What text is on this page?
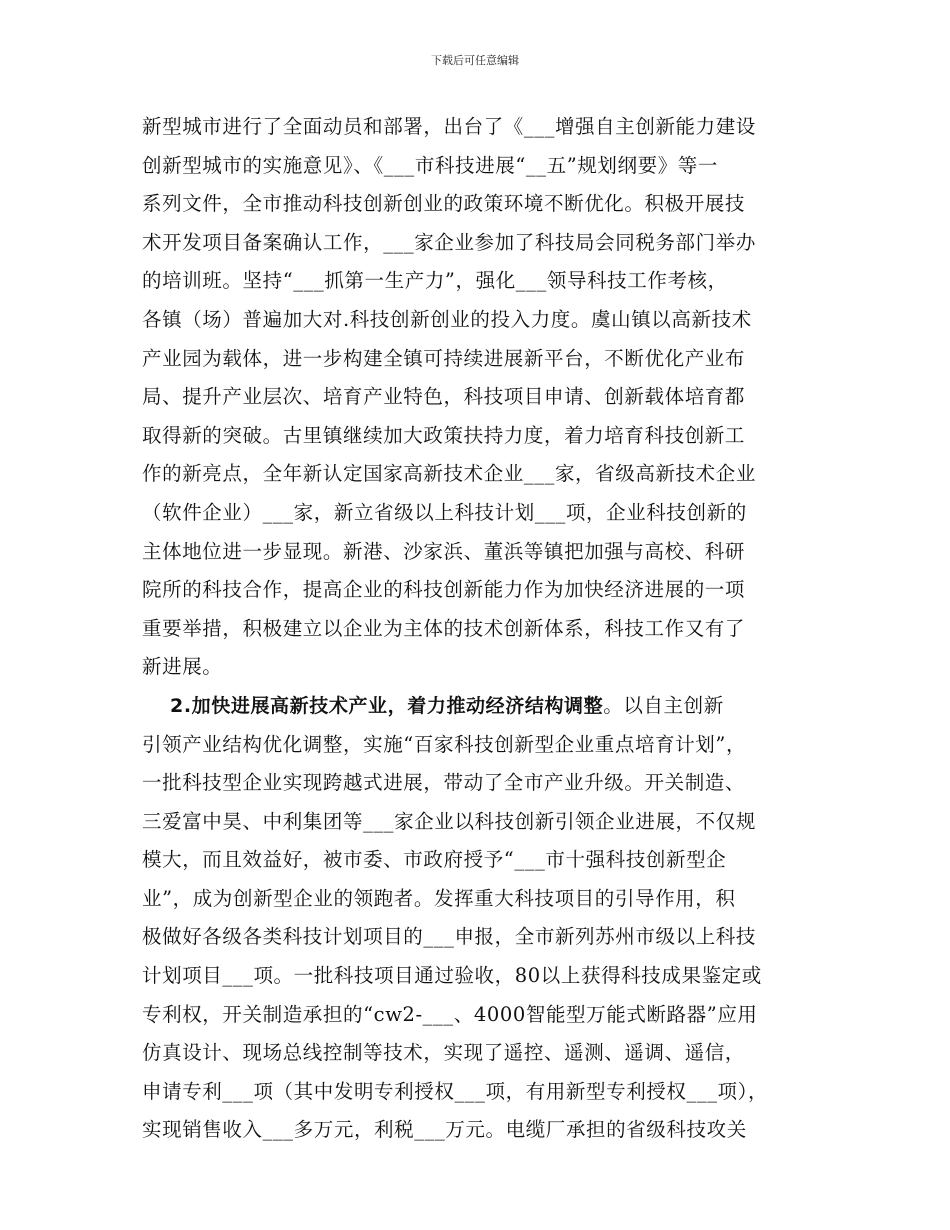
下载后可任意编辑
新型城市进行了全面动员和部署，出台了《___增强自主创新能力建设
创新型城市的实施意见》、《___市科技进展“__五”规划纲要》等一
系列文件，全市推动科技创新创业的政策环境不断优化。积极开展技
术开发项目备案确认工作，___家企业参加了科技局会同税务部门举办
的培训班。坚持“___抓第一生产力”，强化___领导科技工作考核，
各镇（场）普遍加大对.科技创新创业的投入力度。虞山镇以高新技术
产业园为载体，进一步构建全镇可持续进展新平台，不断优化产业布
局、提升产业层次、培育产业特色，科技项目申请、创新载体培育都
取得新的突破。古里镇继续加大政策扶持力度，着力培育科技创新工
作的新亮点，全年新认定国家高新技术企业___家，省级高新技术企业
（软件企业）___家，新立省级以上科技计划___项，企业科技创新的
主体地位进一步显现。新港、沙家浜、董浜等镇把加强与高校、科研
院所的科技合作，提高企业的科技创新能力作为加快经济进展的一项
重要举措，积极建立以企业为主体的技术创新体系，科技工作又有了
新进展。
2.加快进展高新技术产业，着力推动经济结构调整。以自主创新
引领产业结构优化调整，实施“百家科技创新型企业重点培育计划”，
一批科技型企业实现跨越式进展，带动了全市产业升级。开关制造、
三爱富中昊、中利集团等___家企业以科技创新引领企业进展，不仅规
模大，而且效益好，被市委、市政府授予“___市十强科技创新型企
业”，成为创新型企业的领跑者。发挥重大科技项目的引导作用，积
极做好各级各类科技计划项目的___申报，全市新列苏州市级以上科技
计划项目___项。一批科技项目通过验收，80以上获得科技成果鉴定或
专利权，开关制造承担的“cw2-___、4000智能型万能式断路器”应用
仿真设计、现场总线控制等技术，实现了遥控、遥测、遥调、遥信，
申请专利___项（其中发明专利授权___项，有用新型专利授权___项），
实现销售收入___多万元，利税___万元。电缆厂承担的省级科技攻关
